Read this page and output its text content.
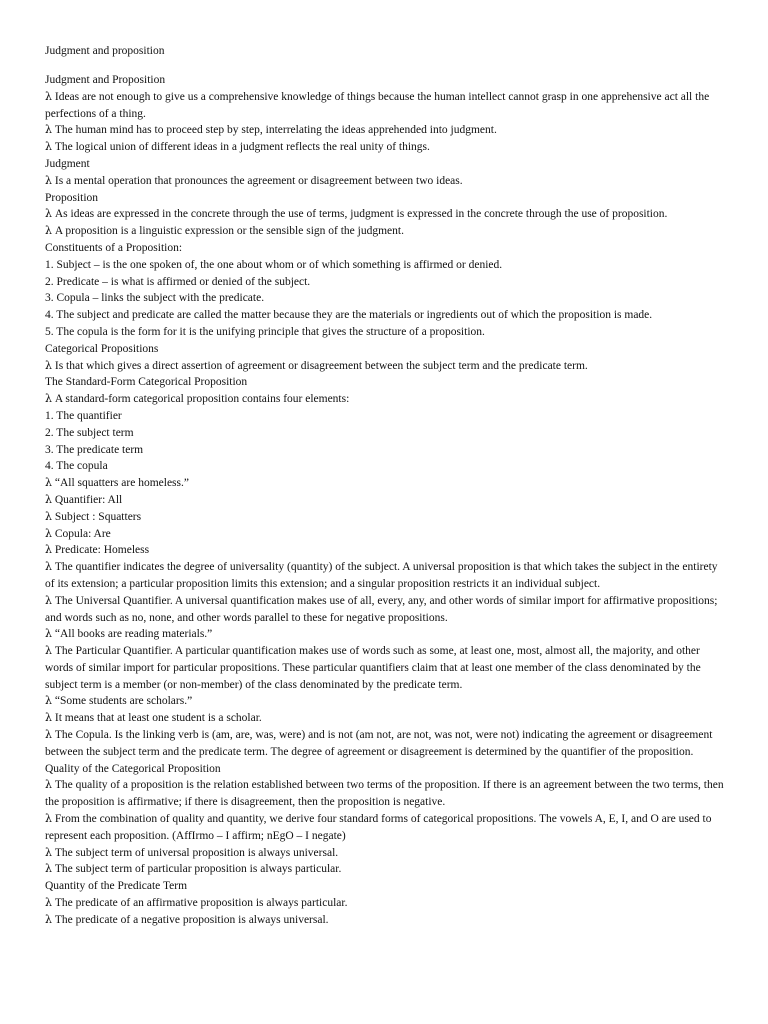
Judgment and proposition
Judgment and Proposition
λ Ideas are not enough to give us a comprehensive knowledge of things because the human intellect cannot grasp in one apprehensive act all the perfections of a thing.
λ The human mind has to proceed step by step, interrelating the ideas apprehended into judgment.
λ The logical union of different ideas in a judgment reflects the real unity of things.
Judgment
λ Is a mental operation that pronounces the agreement or disagreement between two ideas.
Proposition
λ As ideas are expressed in the concrete through the use of terms, judgment is expressed in the concrete through the use of proposition.
λ A proposition is a linguistic expression or the sensible sign of the judgment.
Constituents of a Proposition:
1. Subject – is the one spoken of, the one about whom or of which something is affirmed or denied.
2. Predicate – is what is affirmed or denied of the subject.
3. Copula – links the subject with the predicate.
4. The subject and predicate are called the matter because they are the materials or ingredients out of which the proposition is made.
5. The copula is the form for it is the unifying principle that gives the structure of a proposition.
Categorical Propositions
λ Is that which gives a direct assertion of agreement or disagreement between the subject term and the predicate term.
The Standard-Form Categorical Proposition
λ A standard-form categorical proposition contains four elements:
1. The quantifier
2. The subject term
3. The predicate term
4. The copula
λ “All squatters are homeless.”
λ Quantifier: All
λ Subject : Squatters
λ Copula: Are
λ Predicate: Homeless
λ The quantifier indicates the degree of universality (quantity) of the subject. A universal proposition is that which takes the subject in the entirety of its extension; a particular proposition limits this extension; and a singular proposition restricts it an individual subject.
λ The Universal Quantifier. A universal quantification makes use of all, every, any, and other words of similar import for affirmative propositions; and words such as no, none, and other words parallel to these for negative propositions.
λ “All books are reading materials.”
λ The Particular Quantifier. A particular quantification makes use of words such as some, at least one, most, almost all, the majority, and other words of similar import for particular propositions. These particular quantifiers claim that at least one member of the class denominated by the subject term is a member (or non-member) of the class denominated by the predicate term.
λ “Some students are scholars.”
λ It means that at least one student is a scholar.
λ The Copula. Is the linking verb is (am, are, was, were) and is not (am not, are not, was not, were not) indicating the agreement or disagreement between the subject term and the predicate term. The degree of agreement or disagreement is determined by the quantifier of the proposition.
Quality of the Categorical Proposition
λ The quality of a proposition is the relation established between two terms of the proposition. If there is an agreement between the two terms, then the proposition is affirmative; if there is disagreement, then the proposition is negative.
λ From the combination of quality and quantity, we derive four standard forms of categorical propositions. The vowels A, E, I, and O are used to represent each proposition. (AffIrmo – I affirm; nEgO – I negate)
λ The subject term of universal proposition is always universal.
λ The subject term of particular proposition is always particular.
Quantity of the Predicate Term
λ The predicate of an affirmative proposition is always particular.
λ The predicate of a negative proposition is always universal.
